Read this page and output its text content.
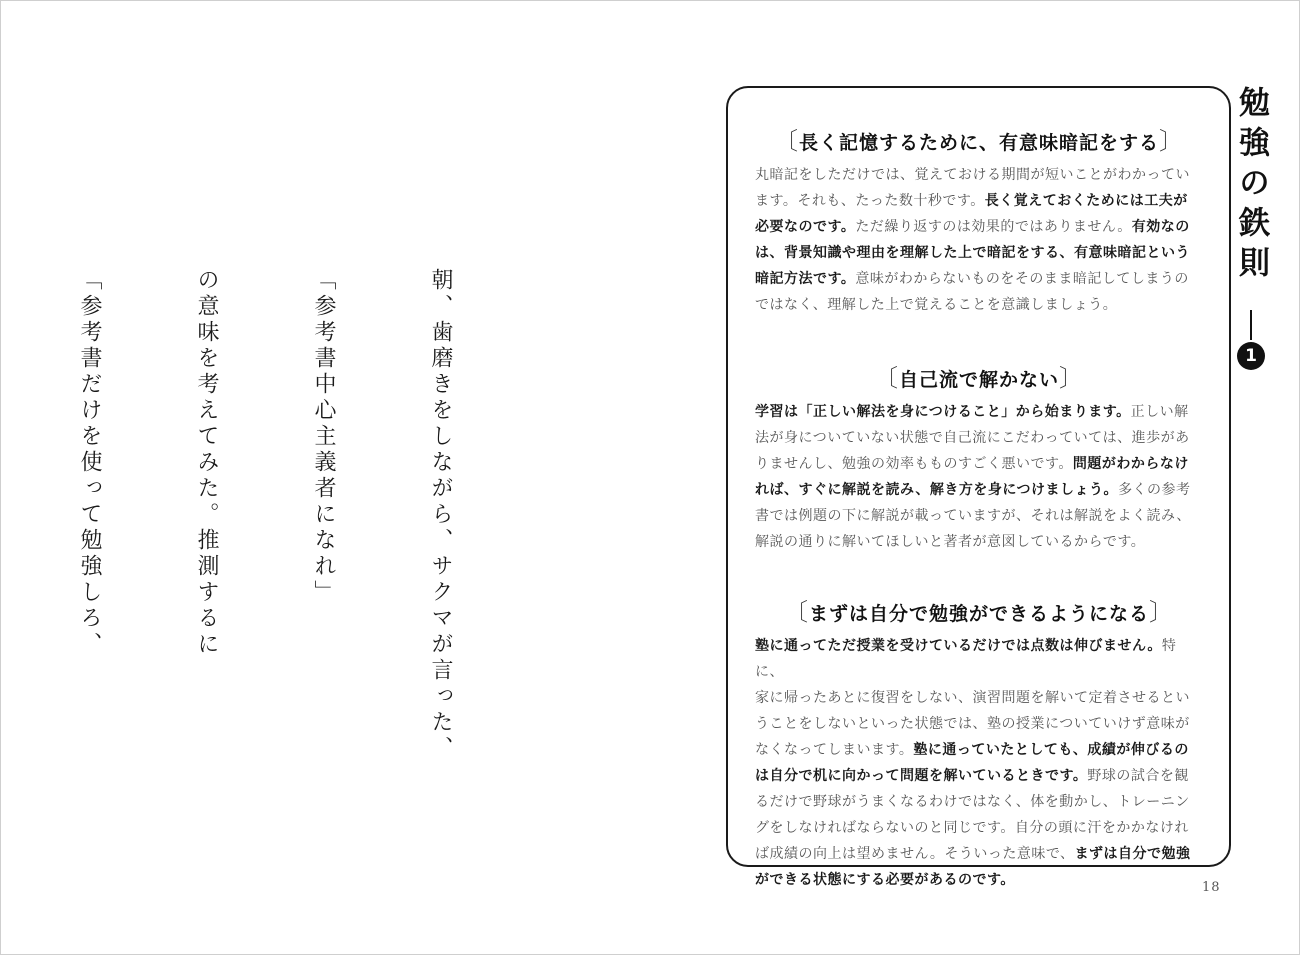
朝、歯磨きをしながら、サクマが言った、

「参考書中心主義者になれ」

の意味を考えてみた。推測するに

「参考書だけを使って勉強しろ、

〔長く記憶するために、有意味暗記をする〕
丸暗記をしただけでは、覚えておける期間が短いことがわかってい
ます。それも、たった数十秒です。長く覚えておくためには工夫が
必要なのです。ただ繰り返すのは効果的ではありません。有効なの
は、背景知識や理由を理解した上で暗記をする、有意味暗記という
暗記方法です。意味がわからないものをそのまま暗記してしまうの
ではなく、理解した上で覚えることを意識しましょう。
〔自己流で解かない〕
学習は「正しい解法を身につけること」から始まります。正しい解
法が身についていない状態で自己流にこだわっていては、進歩があ
りませんし、勉強の効率もものすごく悪いです。問題がわからなけ
れば、すぐに解説を読み、解き方を身につけましょう。多くの参考
書では例題の下に解説が載っていますが、それは解説をよく読み、
解説の通りに解いてほしいと著者が意図しているからです。
〔まずは自分で勉強ができるようになる〕
塾に通ってただ授業を受けているだけでは点数は伸びません。特に、
家に帰ったあとに復習をしない、演習問題を解いて定着させるとい
うことをしないといった状態では、塾の授業についていけず意味が
なくなってしまいます。塾に通っていたとしても、成績が伸びるの
は自分で机に向かって問題を解いているときです。野球の試合を観
るだけで野球がうまくなるわけではなく、体を動かし、トレーニン
グをしなければならないのと同じです。自分の頭に汗をかかなけれ
ば成績の向上は望めません。そういった意味で、まずは自分で勉強
ができる状態にする必要があるのです。
勉強の鉄則
1
18
